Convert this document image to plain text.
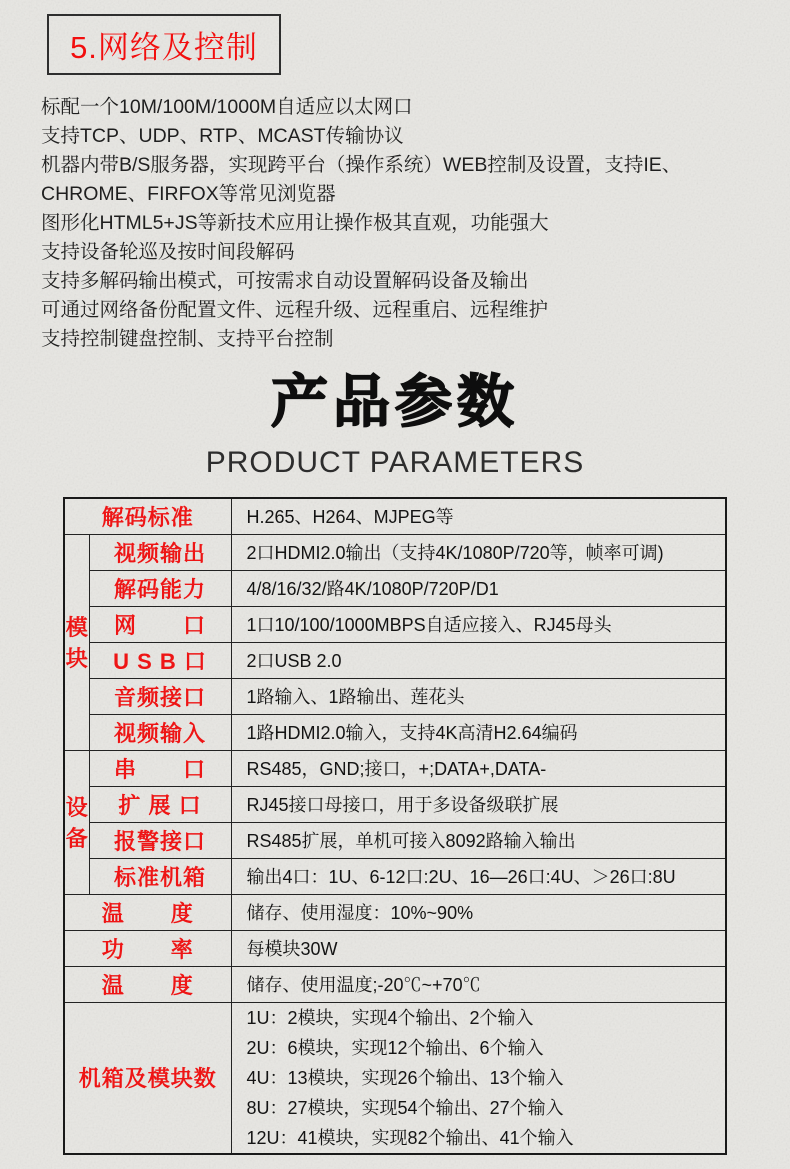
5.网络及控制
标配一个10M/100M/1000M自适应以太网口
支持TCP、UDP、RTP、MCAST传输协议
机器内带B/S服务器，实现跨平台（操作系统）WEB控制及设置，支持IE、CHROME、FIRFOX等常见浏览器
图形化HTML5+JS等新技术应用让操作极其直观，功能强大
支持设备轮巡及按时间段解码
支持多解码输出模式，可按需求自动设置解码设备及输出
可通过网络备份配置文件、远程升级、远程重启、远程维护
支持控制键盘控制、支持平台控制
产品参数
PRODUCT PARAMETERS
解码标准		H.265、H264、MJPEG等

模
块	视频输出	2口HDMI2.0输出（支持4K/1080P/720等，帧率可调)
	解码能力	4/8/16/32/路4K/1080P/720P/D1
	网　　口	1口10/100/1000MBPS自适应接入、RJ45母头
	U S B 口	2口USB 2.0
	音频接口	1路输入、1路输出、莲花头
	视频输入	1路HDMI2.0输入，支持4K高清H2.64编码

设
备	串　　口	RS485，GND;接口，+;DATA+,DATA-
	扩 展 口	RJ45接口母接口，用于多设备级联扩展
	报警接口	RS485扩展，单机可接入8092路输入输出
	标准机箱	输出4口：1U、6-12口:2U、16—26口:4U、＞26口:8U
温　　度		储存、使用湿度：10%~90%
功　　率		每模块30W
温　　度		储存、使用温度;-20℃~+70℃
机箱及模块数		1U：2模块，实现4个输出、2个输入
2U：6模块，实现12个输出、6个输入
4U：13模块，实现26个输出、13个输入
8U：27模块，实现54个输出、27个输入
12U：41模块，实现82个输出、41个输入
